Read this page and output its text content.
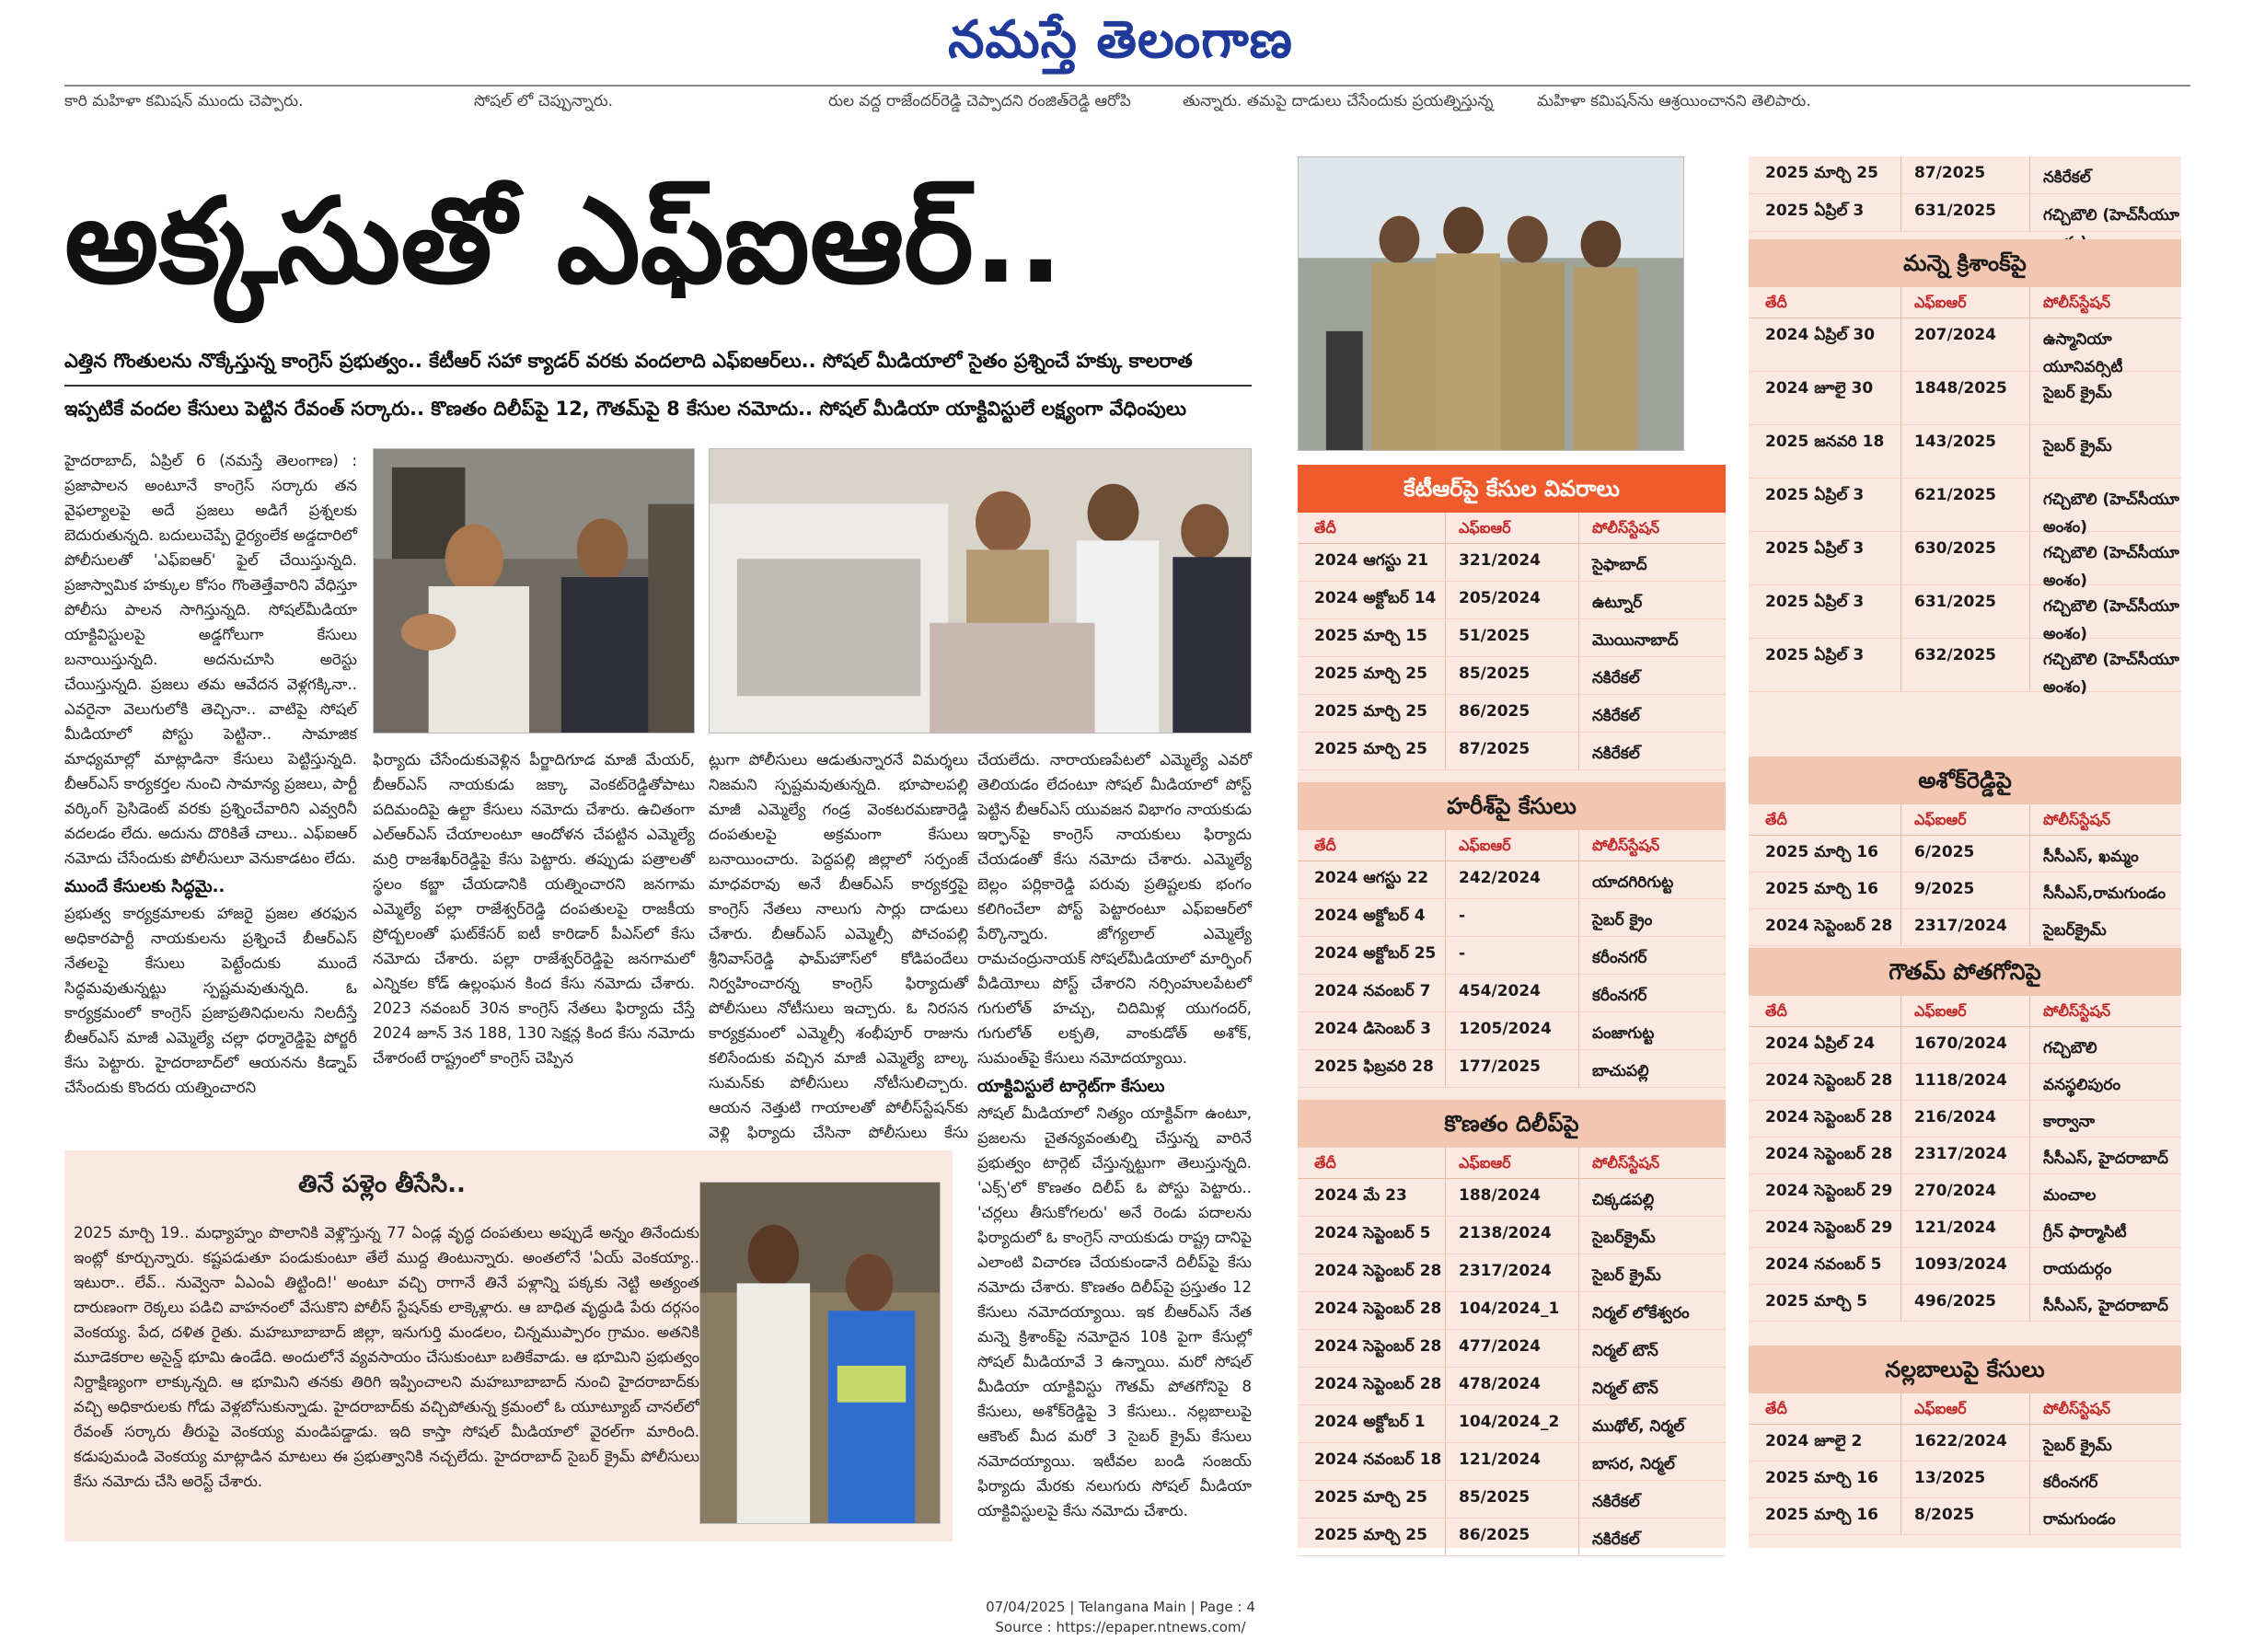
నమస్తే తెలంగాణ
కారి మహిళా కమిషన్ ముందు చెప్పారు.	సోషల్ లో చెప్పున్నారు.	రుల వద్ద రాజేందర్‌రెడ్డి చెప్పాదని రంజిత్‌రెడ్డి ఆరోపి	తున్నారు. తమపై దాడులు చేసేందుకు ప్రయత్నిస్తున్న	మహిళా కమిషన్‌ను ఆశ్రయించానని తెలిపారు.
అక్కసుతో ఎఫ్ఐఆర్..
ఎత్తిన గొంతులను నొక్కేస్తున్న కాంగ్రెస్ ప్రభుత్వం.. కేటీఆర్ సహా క్యాడర్ వరకు వందలాది ఎఫ్ఐఆర్‌లు.. సోషల్ మీడియాలో సైతం ప్రశ్నించే హక్కు కాలరాత
ఇప్పటికే వందల కేసులు పెట్టిన రేవంత్ సర్కారు.. కొణతం దిలీప్‌పై 12, గౌతమ్‌పై 8 కేసుల నమోదు.. సోషల్ మీడియా యాక్టివిస్టులే లక్ష్యంగా వేధింపులు

హైదరాబాద్, ఏప్రిల్ 6 (నమస్తే తెలంగాణ) : ప్రజాపాలన అంటూనే కాంగ్రెస్ సర్కారు తన వైఫల్యాలపై అదే ప్రజలు అడిగే ప్రశ్నలకు బెదురుతున్నది. బదులుచెప్పే ధైర్యంలేక అడ్డదారిలో పోలీసులతో 'ఎఫ్ఐఆర్' ఫైల్ చేయిస్తున్నది. ప్రజాస్వామిక హక్కుల కోసం గొంతెత్తేవారిని వేధిస్తూ పోలీసు పాలన సాగిస్తున్నది. సోషల్‌మీడియా యాక్టివిస్టులపై అడ్డగోలుగా కేసులు బనాయిస్తున్నది. అదనుచూసి అరెస్టు చేయిస్తున్నది. ప్రజలు తమ ఆవేదన వెళ్లగక్కినా.. ఎవరైనా వెలుగులోకి తెచ్చినా.. వాటిపై సోషల్ మీడియాలో పోస్టు పెట్టినా.. సామాజిక మాధ్యమాల్లో మాట్లాడినా కేసులు పెట్టిస్తున్నది. బీఆర్‌ఎస్ కార్యకర్తల నుంచి సామాన్య ప్రజలు, పార్టీ వర్కింగ్ ప్రెసిడెంట్ వరకు ప్రశ్నించేవారిని ఎవ్వరినీ వదలడం లేదు. అదును దొరికితే చాలు.. ఎఫ్ఐఆర్ నమోదు చేసేందుకు పోలీసులూ వెనుకాడటం లేదు.

ముందే కేసులకు సిద్ధమై..

ప్రభుత్వ కార్యక్రమాలకు హాజరై ప్రజల తరఫున అధికారపార్టీ నాయకులను ప్రశ్నించే బీఆర్‌ఎస్ నేతలపై కేసులు పెట్టేందుకు ముందే సిద్ధమవుతున్నట్టు స్పష్టమవుతున్నది. ఓ కార్యక్రమంలో కాంగ్రెస్ ప్రజాప్రతినిధులను నిలదీస్తే బీఆర్‌ఎస్ మాజీ ఎమ్మెల్యే చల్లా ధర్మారెడ్డిపై పోర్జరీ కేసు పెట్టారు. హైదరాబాద్‌లో ఆయనను కిడ్నాప్ చేసేందుకు కొందరు యత్నించారని

ఫిర్యాదు చేసేందుకువెళ్లిన పీర్జాదిగూడ మాజీ మేయర్, బీఆర్‌ఎస్ నాయకుడు జక్కా వెంకట్‌రెడ్డితోపాటు పదిమందిపై ఉల్టా కేసులు నమోదు చేశారు. ఉచితంగా ఎల్ఆర్‌ఎస్ చేయాలంటూ ఆందోళన చేపట్టిన ఎమ్మెల్యే మర్రి రాజశేఖర్‌రెడ్డిపై కేసు పెట్టారు. తప్పుడు పత్రాలతో స్థలం కబ్జా చేయడానికి యత్నించారని జనగామ ఎమ్మెల్యే పల్లా రాజేశ్వర్‌రెడ్డి దంపతులపై రాజకీయ ప్రోద్బలంతో ఘట్‌కేసర్ ఐటీ కారిడార్ పీఎస్‌లో కేసు నమోదు చేశారు. పల్లా రాజేశ్వర్‌రెడ్డిపై జనగామలో ఎన్నికల కోడ్ ఉల్లంఘన కింద కేసు నమోదు చేశారు. 2023 నవంబర్ 30న కాంగ్రెస్ నేతలు ఫిర్యాదు చేస్తే 2024 జూన్ 3న 188, 130 సెక్షన్ల కింద కేసు నమోదు చేశారంటే రాష్ట్రంలో కాంగ్రెస్ చెప్పిన

ట్లుగా పోలీసులు ఆడుతున్నారనే విమర్శలు నిజమని స్పష్టమవుతున్నది. భూపాలపల్లి మాజీ ఎమ్మెల్యే గండ్ర వెంకటరమణారెడ్డి దంపతులపై అక్రమంగా కేసులు బనాయించారు. పెద్దపల్లి జిల్లాలో సర్పంజ్ మాధవరావు అనే బీఆర్‌ఎస్ కార్యకర్తపై కాంగ్రెస్ నేతలు నాలుగు సార్లు దాడులు చేశారు. బీఆర్‌ఎస్ ఎమ్మెల్సీ పోచంపల్లి శ్రీనివాస్‌రెడ్డి ఫామ్‌హౌస్‌లో కోడిపందేలు నిర్వహించారన్న కాంగ్రెస్ ఫిర్యాదుతో పోలీసులు నోటీసులు ఇచ్చారు. ఓ నిరసన కార్యక్రమంలో ఎమ్మెల్సీ శంభీపూర్ రాజును కలిసేందుకు వచ్చిన మాజీ ఎమ్మెల్యే బాల్క సుమన్‌కు పోలీసులు నోటీసులిచ్చారు. ఆయన నెత్తుటి గాయాలతో పోలీస్‌స్టేషన్‌కు వెళ్లి ఫిర్యాదు చేసినా పోలీసులు కేసు

చేయలేదు. నారాయణపేటలో ఎమ్మెల్యే ఎవరో తెలియడం లేదంటూ సోషల్ మీడియాలో పోస్ట్ పెట్టిన బీఆర్‌ఎస్ యువజన విభాగం నాయకుడు ఇర్ఫాన్‌పై కాంగ్రెస్ నాయకులు ఫిర్యాదు చేయడంతో కేసు నమోదు చేశారు. ఎమ్మెల్యే బెల్లం పర్లికారెడ్డి పరువు ప్రతిష్టలకు భంగం కలిగించేలా పోస్ట్ పెట్టారంటూ ఎఫ్ఐఆర్‌లో పేర్కొన్నారు. జోగ్యలాల్ ఎమ్మెల్యే రామచంద్రునాయక్ సోషల్‌మీడియాలో మార్ఫింగ్ వీడియోలు పోస్ట్ చేశారని నర్సింహులపేటలో గుగులోత్ హచ్చు, చిదిమిళ్ల యుగందర్, గుగులోత్ లక్పతి, వాంకుడోత్ అశోక్, సుమంత్‌పై కేసులు నమోదయ్యాయి.

యాక్టివిస్టులే టార్గెట్‌గా కేసులు

సోషల్ మీడియాలో నిత్యం యాక్టివ్‌గా ఉంటూ, ప్రజలను చైతన్యవంతుల్ని చేస్తున్న వారినే ప్రభుత్వం టార్గెట్ చేస్తున్నట్టుగా తెలుస్తున్నది. 'ఎక్స్'లో కొణతం దిలీప్ ఓ పోస్టు పెట్టారు.. 'చర్లలు తీసుకోగలరు' అనే రెండు పదాలను ఫిర్యాదులో ఓ కాంగ్రెస్ నాయకుడు రాష్ట్ర దానిపై ఎలాంటి విచారణ చేయకుండానే దిలీప్‌పై కేసు నమోదు చేశారు. కొణతం దిలీప్‌పై ప్రస్తుతం 12 కేసులు నమోదయ్యాయి. ఇక బీఆర్‌ఎస్ నేత మన్నె క్రిశాంక్‌పై నమోదైన 10కి పైగా కేసుల్లో సోషల్ మీడియావే 3 ఉన్నాయి. మరో సోషల్ మీడియా యాక్టివిస్టు గౌతమ్ పోతగోనిపై 8 కేసులు, అశోక్‌రెడ్డిపై 3 కేసులు.. నల్లబాలుపై ఆకౌంట్ మీద మరో 3 సైబర్ క్రైమ్ కేసులు నమోదయ్యాయి. ఇటీవల బండి సంజయ్ ఫిర్యాదు మేరకు నలుగురు సోషల్ మీడియా యాక్టివిస్టులపై కేసు నమోదు చేశారు.

తినే పళ్లెం తీసేసి..
2025 మార్చి 19.. మధ్యాహ్నం పొలానికి వెళ్లొస్తున్న 77 ఏండ్ల వృద్ధ దంపతులు అప్పుడే అన్నం తినేందుకు ఇంట్లో కూర్చున్నారు. కష్టపడుతూ పండుకుంటూ తేలే ముద్ద తింటున్నారు. అంతలోనే 'ఏయ్ వెంకయ్యా.. ఇటురా.. లేవ్.. నువ్వెనా ఏఎంఏ తిట్టింది!' అంటూ వచ్చి రాగానే తినే పళ్లాన్ని పక్కకు నెట్టి అత్యంత దారుణంగా రెక్కలు పడిచి వాహనంలో వేసుకొని పోలీస్ స్టేషన్‌కు లాక్కెళ్లారు. ఆ బాధిత వృద్ధుడి పేరు దర్గసం వెంకయ్య. పేద, దళిత రైతు. మహబూబాబాద్ జిల్లా, ఇనుగుర్తి మండలం, చిన్నముప్పారం గ్రామం. అతనికి మూడెకరాల అసైన్డ్ భూమి ఉండేది. అందులోనే వ్యవసాయం చేసుకుంటూ బతికేవాడు. ఆ భూమిని ప్రభుత్వం నిర్దాక్షిణ్యంగా లాక్కున్నది. ఆ భూమిని తనకు తిరిగి ఇప్పించాలని మహబూబాబాద్ నుంచి హైదరాబాద్‌కు వచ్చి అధికారులకు గోడు వెళ్లబోసుకున్నాడు. హైదరాబాద్‌కు వచ్చిపోతున్న క్రమంలో ఓ యూట్యూబ్ చానల్‌లో రేవంత్ సర్కారు తీరుపై వెంకయ్య మండిపడ్డాడు. ఇది కాస్తా సోషల్ మీడియాలో వైరల్‌గా మారింది. కడుపుమండి వెంకయ్య మాట్లాడిన మాటలు ఈ ప్రభుత్వానికి నచ్చలేదు. హైదరాబాద్ సైబర్ క్రైమ్ పోలీసులు కేసు నమోదు చేసి అరెస్ట్ చేశారు.
కేటీఆర్‌పై కేసుల వివరాలు
తేదీ	ఎఫ్ఐఆర్	పోలీస్‌స్టేషన్
2024 ఆగస్టు 21	321/2024	సైఫాబాద్
2024 అక్టోబర్ 14	205/2024	ఉట్నూర్
2025 మార్చి 15	51/2025	మొయినాబాద్
2025 మార్చి 25	85/2025	నకిరేకల్
2025 మార్చి 25	86/2025	నకిరేకల్
2025 మార్చి 25	87/2025	నకిరేకల్
హరీశ్‌పై కేసులు
తేదీ	ఎఫ్ఐఆర్	పోలీస్‌స్టేషన్
2024 ఆగస్టు 22	242/2024	యాదగిరిగుట్ట
2024 అక్టోబర్ 4	-	సైబర్ క్రైం
2024 అక్టోబర్ 25	-	కరీంనగర్
2024 నవంబర్ 7	454/2024	కరీంనగర్
2024 డిసెంబర్ 3	1205/2024	పంజాగుట్ట
2025 ఫిబ్రవరి 28	177/2025	బాచుపల్లి
కొణతం దిలీప్‌పై
తేదీ	ఎఫ్ఐఆర్	పోలీస్‌స్టేషన్
2024 మే 23	188/2024	చిక్కడపల్లి
2024 సెప్టెంబర్ 5	2138/2024	సైబర్‌క్రైమ్
2024 సెప్టెంబర్ 28	2317/2024	సైబర్ క్రైమ్
2024 సెప్టెంబర్ 28	104/2024_1	నిర్మల్ లోకేశ్వరం
2024 సెప్టెంబర్ 28	477/2024	నిర్మల్ టౌన్
2024 సెప్టెంబర్ 28	478/2024	నిర్మల్ టౌన్
2024 అక్టోబర్ 1	104/2024_2	ముథోల్, నిర్మల్
2024 నవంబర్ 18	121/2024	బాసర, నిర్మల్
2025 మార్చి 25	85/2025	నకిరేకల్
2025 మార్చి 25	86/2025	నకిరేకల్
2025 మార్చి 25	87/2025	నకిరేకల్
2025 ఏప్రిల్ 3	631/2025	గచ్చిబౌలి (హెచ్‌సీయూ
మన్నె క్రిశాంక్‌పై
తేదీ	ఎఫ్ఐఆర్	పోలీస్‌స్టేషన్
2024 ఏప్రిల్ 30	207/2024	ఉస్మానియా యూనివర్సిటీ
2024 జూలై 30	1848/2025	సైబర్ క్రైమ్
2025 జనవరి 18	143/2025	సైబర్ క్రైమ్
2025 ఏప్రిల్ 3	621/2025	గచ్చిబౌలి (హెచ్‌సీయూ అంశం)
2025 ఏప్రిల్ 3	630/2025	గచ్చిబౌలి (హెచ్‌సీయూ అంశం)
2025 ఏప్రిల్ 3	631/2025	గచ్చిబౌలి (హెచ్‌సీయూ అంశం)
2025 ఏప్రిల్ 3	632/2025	గచ్చిబౌలి (హెచ్‌సీయూ అంశం)
అశోక్‌రెడ్డిపై
తేదీ	ఎఫ్ఐఆర్	పోలీస్‌స్టేషన్
2025 మార్చి 16	6/2025	సీసీఎస్, ఖమ్మం
2025 మార్చి 16	9/2025	సీసీఎస్,రామగుండం
2024 సెప్టెంబర్ 28	2317/2024	సైబర్‌క్రైమ్
గౌతమ్ పోతగోనిపై
తేదీ	ఎఫ్ఐఆర్	పోలీస్‌స్టేషన్
2024 ఏప్రిల్ 24	1670/2024	గచ్చిబౌలి
2024 సెప్టెంబర్ 28	1118/2024	వనస్థలిపురం
2024 సెప్టెంబర్ 28	216/2024	కార్వానా
2024 సెప్టెంబర్ 28	2317/2024	సీసీఎస్, హైదరాబాద్
2024 సెప్టెంబర్ 29	270/2024	మంచాల
2024 సెప్టెంబర్ 29	121/2024	గ్రీన్ ఫార్మాసిటీ
2024 నవంబర్ 5	1093/2024	రాయదుర్గం
2025 మార్చి 5	496/2025	సీసీఎస్, హైదరాబాద్
నల్లబాలుపై కేసులు
తేదీ	ఎఫ్ఐఆర్	పోలీస్‌స్టేషన్
2024 జూలై 2	1622/2024	సైబర్ క్రైమ్
2025 మార్చి 16	13/2025	కరీంనగర్
2025 మార్చి 16	8/2025	రామగుండం
07/04/2025 | Telangana Main | Page : 4
Source : https://epaper.ntnews.com/
